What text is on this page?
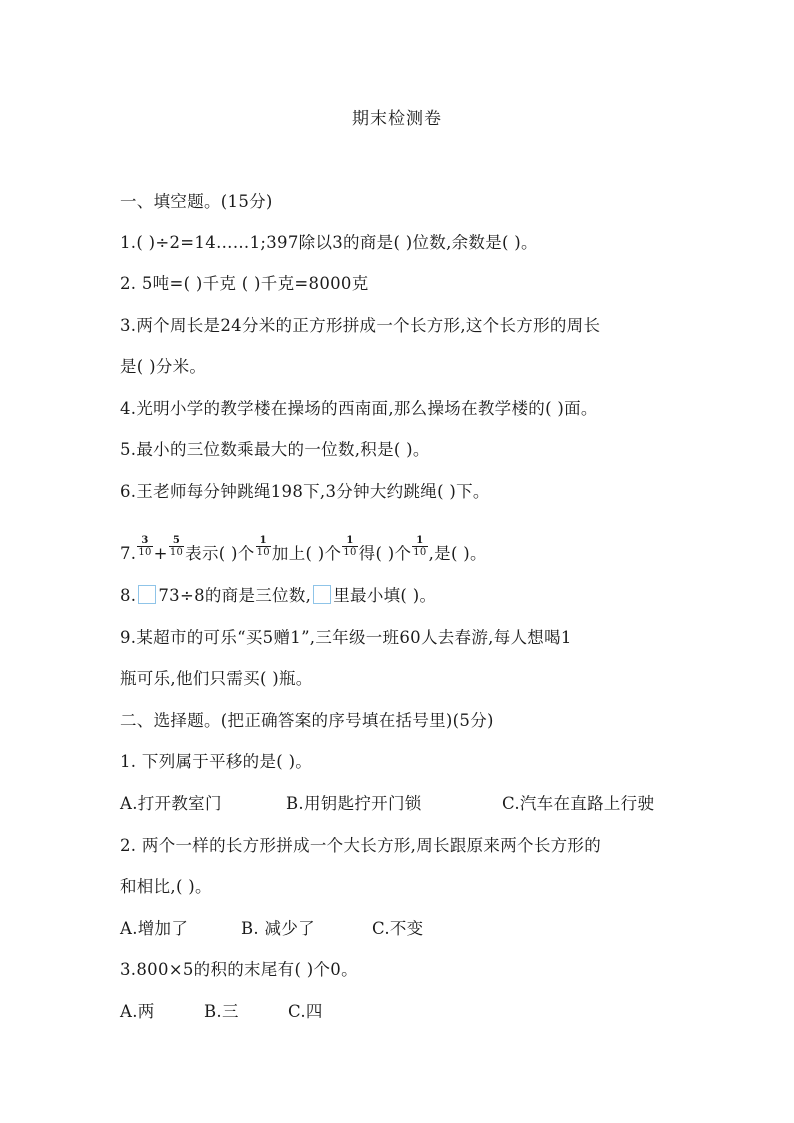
期末检测卷
一、填空题。(15分)
1.( )÷2=14……1;397除以3的商是( )位数,余数是( )。
2. 5吨=( )千克 ( )千克=8000克
3.两个周长是24分米的正方形拼成一个长方形,这个长方形的周长
是( )分米。
4.光明小学的教学楼在操场的西南面,那么操场在教学楼的( )面。
5.最小的三位数乘最大的一位数,积是( )。
6.王老师每分钟跳绳198下,3分钟大约跳绳( )下。
7. $\frac{3}{10} + \frac{5}{10}$ 表示( )个 $\frac{1}{10}$ 加上( )个 $\frac{1}{10}$ 得( )个 $\frac{1}{10}$ ,是( )。
8. 73÷8的商是三位数, 里最小填( )。
9.某超市的可乐“买5赠1”,三年级一班60人去春游,每人想喝1
瓶可乐,他们只需买( )瓶。
二、选择题。(把正确答案的序号填在括号里)(5分)
1. 下列属于平移的是( )。
A.打开教室门	B.用钥匙拧开门锁	C.汽车在直路上行驶
2. 两个一样的长方形拼成一个大长方形,周长跟原来两个长方形的
和相比,( )。
A.增加了	B. 减少了	C.不变
3.800×5的积的末尾有( )个0。
A.两	B.三	C.四
